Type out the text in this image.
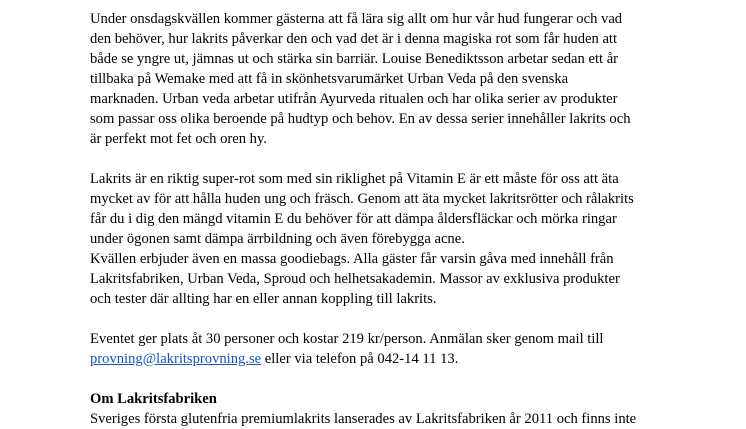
Under onsdagskvällen kommer gästerna att få lära sig allt om hur vår hud fungerar och vad
den behöver, hur lakrits påverkar den och vad det är i denna magiska rot som får huden att
både se yngre ut, jämnas ut och stärka sin barriär. Louise Benediktsson arbetar sedan ett år
tillbaka på Wemake med att få in skönhetsvarumärket Urban Veda på den svenska
marknaden. Urban veda arbetar utifrån Ayurveda ritualen och har olika serier av produkter
som passar oss olika beroende på hudtyp och behov. En av dessa serier innehåller lakrits och
är perfekt mot fet och oren hy.
Lakrits är en riktig super-rot som med sin riklighet på Vitamin E är ett måste för oss att äta
mycket av för att hålla huden ung och fräsch. Genom att äta mycket lakritsrötter och rålakrits
får du i dig den mängd vitamin E du behöver för att dämpa åldersfläckar och mörka ringar
under ögonen samt dämpa ärrbildning och även förebygga acne.
Kvällen erbjuder även en massa goodiebags. Alla gäster får varsin gåva med innehåll från
Lakritsfabriken, Urban Veda, Sproud och helhetsakademin. Massor av exklusiva produkter
och tester där allting har en eller annan koppling till lakrits.
Eventet ger plats åt 30 personer och kostar 219 kr/person. Anmälan sker genom mail till
provning@lakritsprovning.se eller via telefon på 042-14 11 13.
Om Lakritsfabriken
Sveriges första glutenfria premiumlakrits lanserades av Lakritsfabriken år 2011 och finns inte
